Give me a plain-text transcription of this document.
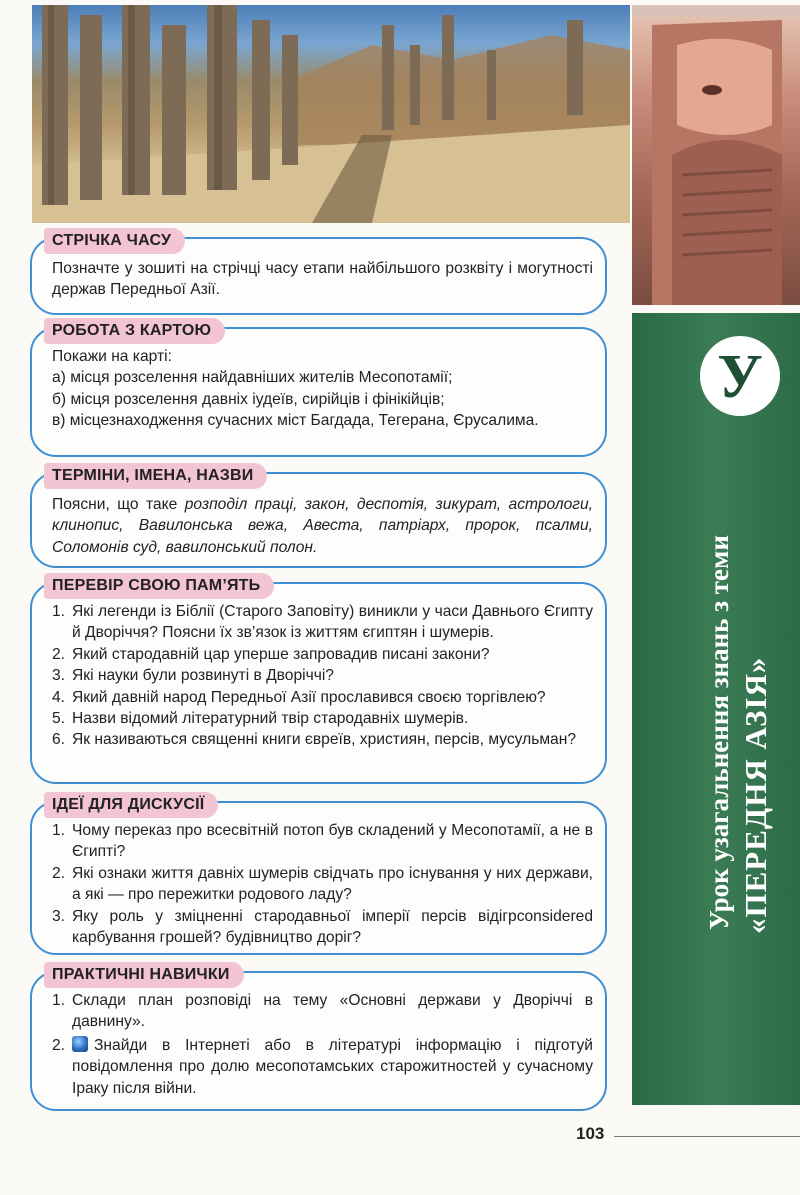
У
Урок узагальнення знань з теми «ПЕРЕДНЯ АЗІЯ»
СТРІЧКА ЧАСУ
Позначте у зошиті на стрічці часу етапи найбільшого розквіту і могутності держав Передньої Азії.
РОБОТА З КАРТОЮ

Покажи на карті:

а) місця розселення найдавніших жителів Месопотамії;

б) місця розселення давніх іудеїв, сирійців і фінікійців;

в) місцезнаходження сучасних міст Багдада, Тегерана, Єрусалима.

ТЕРМІНИ, ІМЕНА, НАЗВИ
Поясни, що таке розподіл праці, закон, деспотія, зикурат, астрологи, клинопис, Вавилонська вежа, Авеста, патріарх, пророк, псалми, Соломонів суд, вавилонський полон.
ПЕРЕВІР СВОЮ ПАМ’ЯТЬ
1. Які легенди із Біблії (Старого Заповіту) виникли у часи Давнього Єгипту й Дворіччя? Поясни їх зв’язок із життям єгиптян і шумерів.
2. Який стародавній цар уперше запровадив писані закони?
3. Які науки були розвинуті в Дворіччі?
4. Який давній народ Передньої Азії прославився своєю торгівлею?
5. Назви відомий літературний твір стародавніх шумерів.
6. Як називаються священні книги євреїв, християн, персів, мусульман?
ІДЕЇ ДЛЯ ДИСКУСІЇ
1. Чому переказ про всесвітній потоп був складений у Месопотамії, а не в Єгипті?
2. Які ознаки життя давніх шумерів свідчать про існування у них держави, а які — про пережитки родового ладу?
3. Яку роль у зміцненні стародавньої імперії персів відігрconsidered карбування грошей? будівництво доріг?
ПРАКТИЧНІ НАВИЧКИ
1. Склади план розповіді на тему «Основні держави у Дворіччі в давнину».
2.	Знайди в Інтернеті або в літературі інформацію і підготуй повідомлення про долю месопотамських старожитностей у сучасному Іраку після війни.
103
